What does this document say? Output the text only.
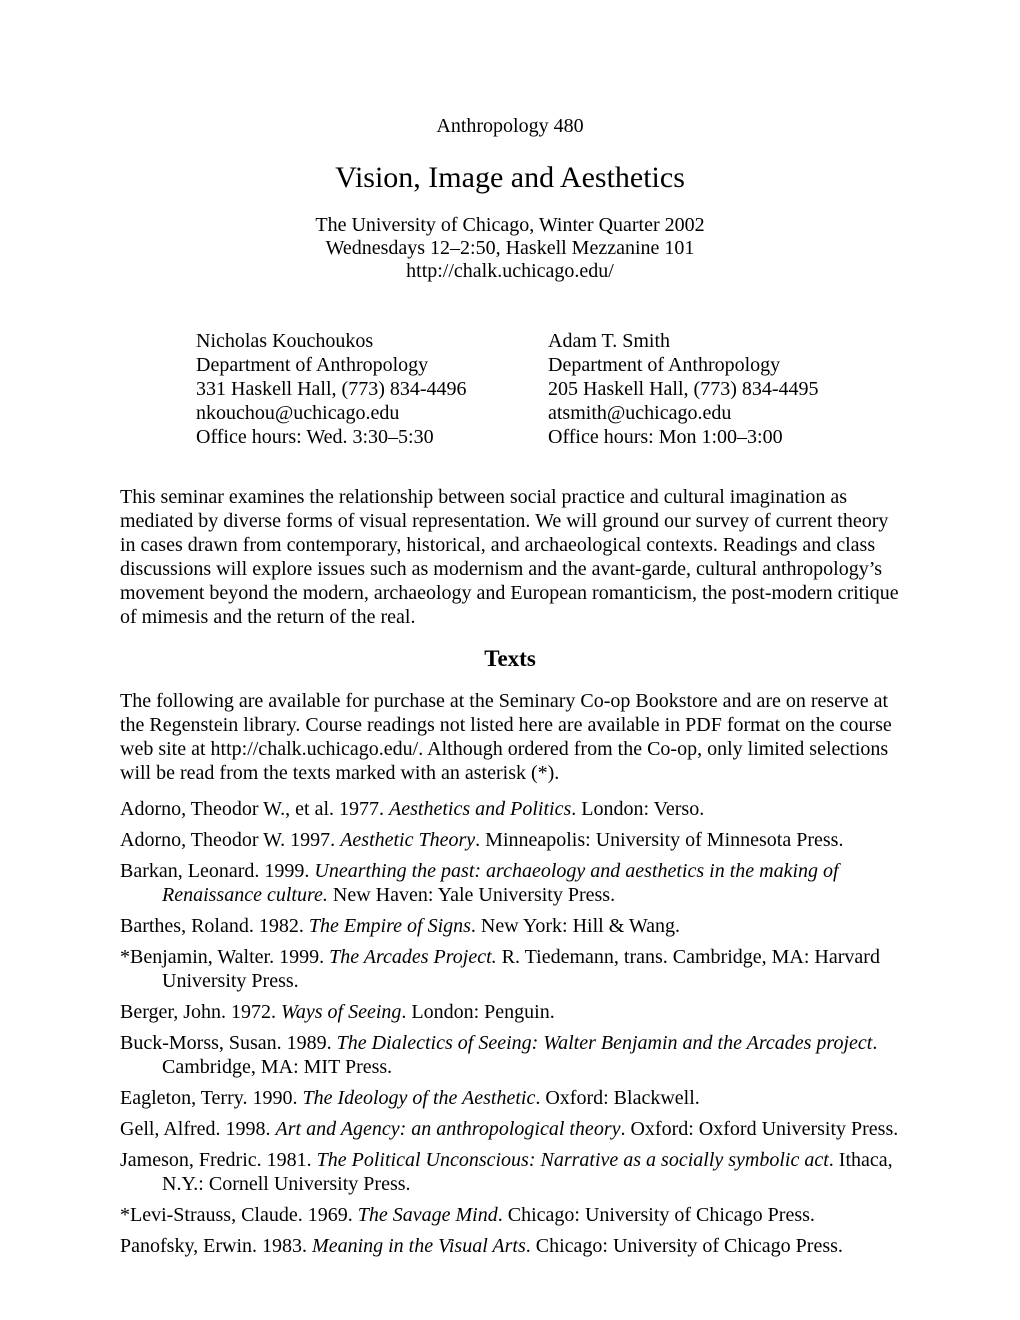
Anthropology 480
Vision, Image and Aesthetics
The University of Chicago, Winter Quarter 2002
Wednesdays 12–2:50, Haskell Mezzanine 101
http://chalk.uchicago.edu/
Nicholas Kouchoukos
Department of Anthropology
331 Haskell Hall, (773) 834-4496
nkouchou@uchicago.edu
Office hours: Wed. 3:30–5:30
Adam T. Smith
Department of Anthropology
205 Haskell Hall, (773) 834-4495
atsmith@uchicago.edu
Office hours: Mon 1:00–3:00

This seminar examines the relationship between social practice and cultural imagination as mediated by diverse forms of visual representation. We will ground our survey of current theory in cases drawn from contemporary, historical, and archaeological contexts. Readings and class discussions will explore issues such as modernism and the avant-garde, cultural anthropology’s movement beyond the modern, archaeology and European romanticism, the post-modern critique of mimesis and the return of the real.

Texts

The following are available for purchase at the Seminary Co-op Bookstore and are on reserve at the Regenstein library. Course readings not listed here are available in PDF format on the course web site at http://chalk.uchicago.edu/. Although ordered from the Co-op, only limited selections will be read from the texts marked with an asterisk (*).

Adorno, Theodor W., et al. 1977. Aesthetics and Politics. London: Verso.

Adorno, Theodor W. 1997. Aesthetic Theory. Minneapolis: University of Minnesota Press.

Barkan, Leonard. 1999. Unearthing the past: archaeology and aesthetics in the making of Renaissance culture. New Haven: Yale University Press.

Barthes, Roland. 1982. The Empire of Signs. New York: Hill & Wang.

*Benjamin, Walter. 1999. The Arcades Project. R. Tiedemann, trans. Cambridge, MA: Harvard University Press.

Berger, John. 1972. Ways of Seeing. London: Penguin.

Buck-Morss, Susan. 1989. The Dialectics of Seeing: Walter Benjamin and the Arcades project. Cambridge, MA: MIT Press.

Eagleton, Terry. 1990. The Ideology of the Aesthetic. Oxford: Blackwell.

Gell, Alfred. 1998. Art and Agency: an anthropological theory. Oxford: Oxford University Press.

Jameson, Fredric. 1981. The Political Unconscious: Narrative as a socially symbolic act. Ithaca, N.Y.: Cornell University Press.

*Levi-Strauss, Claude. 1969. The Savage Mind. Chicago: University of Chicago Press.

Panofsky, Erwin. 1983. Meaning in the Visual Arts. Chicago: University of Chicago Press.
